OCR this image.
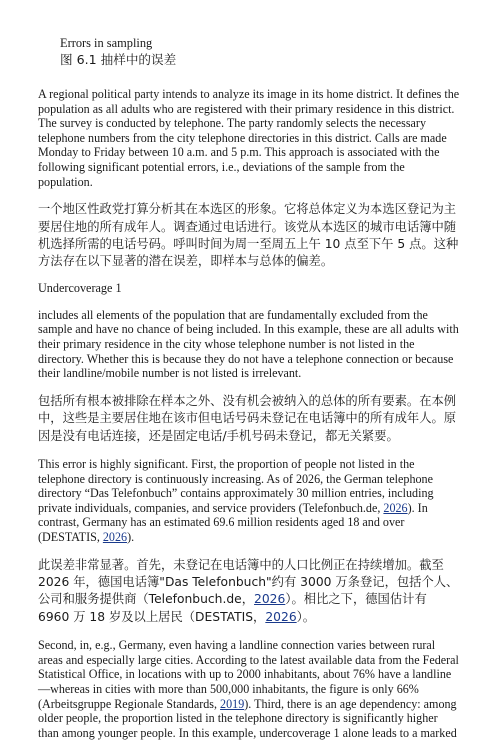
Errors in sampling
图 6.1 抽样中的误差

A regional political party intends to analyze its image in its home district. It defines the population as all adults who are registered with their primary residence in this district. The survey is conducted by telephone. The party randomly selects the necessary telephone numbers from the city telephone directories in this district. Calls are made Monday to Friday between 10 a.m. and 5 p.m. This approach is associated with the following significant potential errors, i.e., deviations of the sample from the population.

一个地区性政党打算分析其在本选区的形象。它将总体定义为本选区登记为主要居住地的所有成年人。调查通过电话进行。该党从本选区的城市电话簿中随机选择所需的电话号码。呼叫时间为周一至周五上午 10 点至下午 5 点。这种方法存在以下显著的潜在误差，即样本与总体的偏差。

Undercoverage 1

includes all elements of the population that are fundamentally excluded from the sample and have no chance of being included. In this example, these are all adults with their primary residence in the city whose telephone number is not listed in the directory. Whether this is because they do not have a telephone connection or because their landline/mobile number is not listed is irrelevant.

包括所有根本被排除在样本之外、没有机会被纳入的总体的所有要素。在本例中，这些是主要居住地在该市但电话号码未登记在电话簿中的所有成年人。原因是没有电话连接，还是固定电话/手机号码未登记，都无关紧要。

This error is highly significant. First, the proportion of people not listed in the telephone directory is continuously increasing. As of 2026, the German telephone directory “Das Telefonbuch” contains approximately 30 million entries, including private individuals, companies, and service providers (Telefonbuch.de, 2026). In contrast, Germany has an estimated 69.6 million residents aged 18 and over (DESTATIS, 2026).

此误差非常显著。首先，未登记在电话簿中的人口比例正在持续增加。截至 2026 年，德国电话簿"Das Telefonbuch"约有 3000 万条登记，包括个人、公司和服务提供商（Telefonbuch.de，2026）。相比之下，德国估计有 6960 万 18 岁及以上居民（DESTATIS，2026）。

Second, in, e.g., Germany, even having a landline connection varies between rural areas and especially large cities. According to the latest available data from the Federal Statistical Office, in locations with up to 2000 inhabitants, about 76% have a landline—whereas in cities with more than 500,000 inhabitants, the figure is only 66% (Arbeitsgruppe Regionale Standards, 2019). Third, there is an age dependency: among older people, the proportion listed in the telephone directory is significantly higher than among younger people. In this example, undercoverage 1 alone leads to a marked
